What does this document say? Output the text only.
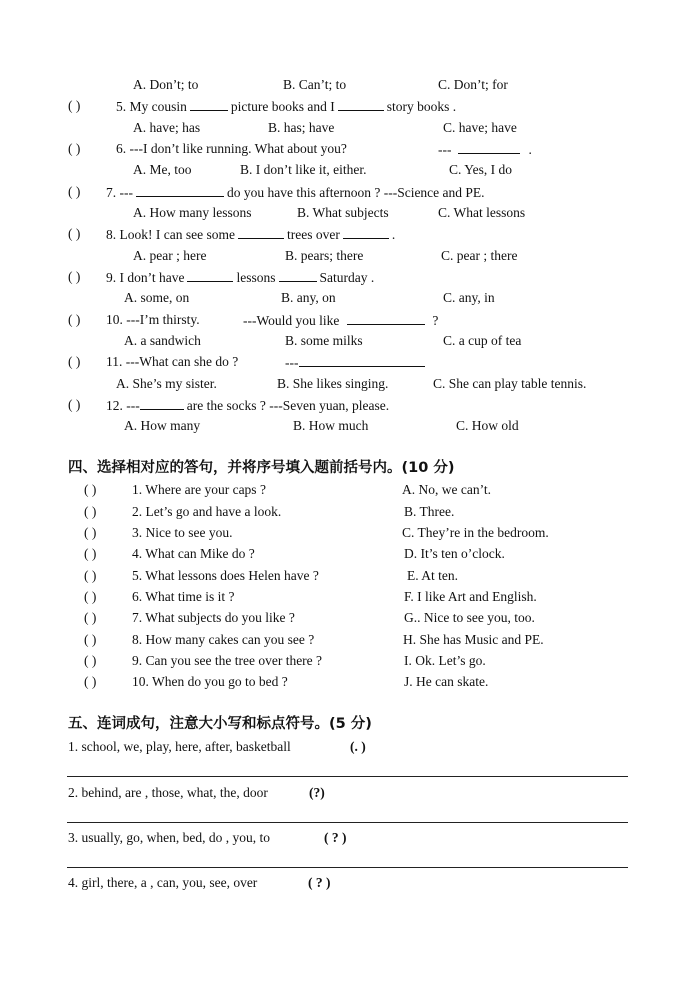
A. Don’t; to	B. Can’t; to	C. Don’t; for
( )	5. My cousin	picture books and I	story books .
A. have; has	B. has; have	C. have; have
( )	6. ---I don’t like running. What about you?	---	.
A. Me, too	B. I don’t like it, either.	C. Yes, I do
( ) 7. ---	do you have this afternoon ? ---Science and PE.
A. How many lessons	B. What subjects	C. What lessons
( ) 8. Look! I can see some	trees over	.
A. pear ; here	B. pears; there	C. pear ; there
( ) 9. I don’t have	lessons	Saturday .
A. some, on	B. any, on	C. any, in
( ) 10. ---I’m thirsty.	---Would you like	?
A. a sandwich	B. some milks	C. a cup of tea
( ) 11. ---What can she do ?	---
A. She’s my sister.	B. She likes singing.	C. She can play table tennis.
( ) 12. ---	are the socks ? ---Seven yuan, please.
A. How many	B. How much	C. How old
四、选择相对应的答句，并将序号填入题前括号内。(10 分)
( )	1. Where are your caps ?	A. No, we can’t.
( )	2. Let’s go and have a look.	B. Three.
( )	3. Nice to see you.	C. They’re in the bedroom.
( )	4. What can Mike do ?	D. It’s ten o’clock.
( )	5. What lessons does Helen have ?	E. At ten.
( )	6. What time is it ?	F. I like Art and English.
( )	7. What subjects do you like ?	G.. Nice to see you, too.
( )	8. How many cakes can you see ?	H. She has Music and PE.
( )	9. Can you see the tree over there ?	I. Ok. Let’s go.
( )	10. When do you go to bed ?	J. He can skate.
五、连词成句，注意大小写和标点符号。(5 分)
1. school, we, play, here, after, basketball	(. )
2. behind, are , those, what, the, door	(?)
3. usually, go, when, bed, do , you, to	( ? )
4. girl, there, a , can, you, see, over	( ? )
